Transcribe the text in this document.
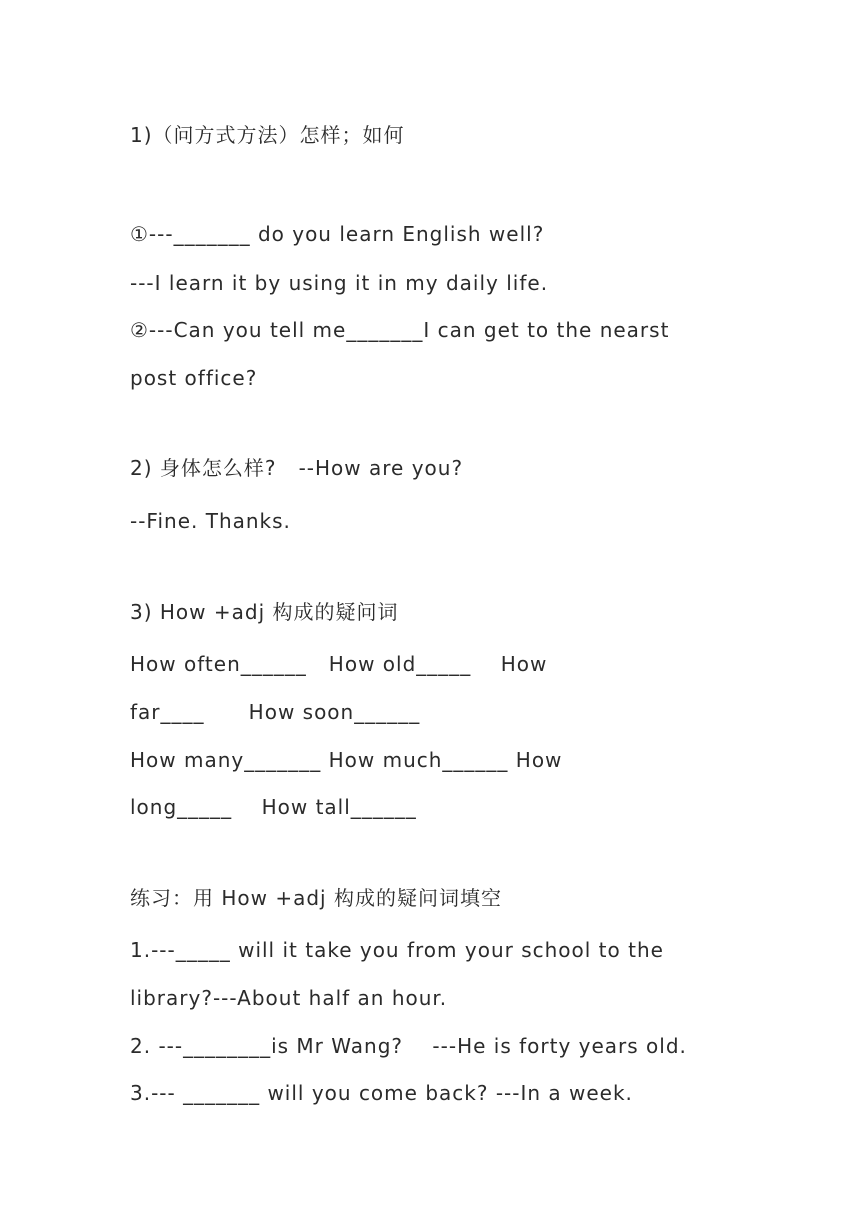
1)（问方式方法）怎样；如何
①---_______ do you learn English well?
---I learn it by using it in my daily life.
②---Can you tell me_______I can get to the nearst
post office?
2) 身体怎么样?   --How are you?
--Fine. Thanks.
3) How +adj 构成的疑问词
How often______   How old_____    How
far____      How soon______
How many_______ How much______ How
long_____    How tall______
练习：用 How +adj 构成的疑问词填空
1.---_____ will it take you from your school to the
library?---About half an hour.
2. ---________is Mr Wang?    ---He is forty years old.
3.--- _______ will you come back? ---In a week.
